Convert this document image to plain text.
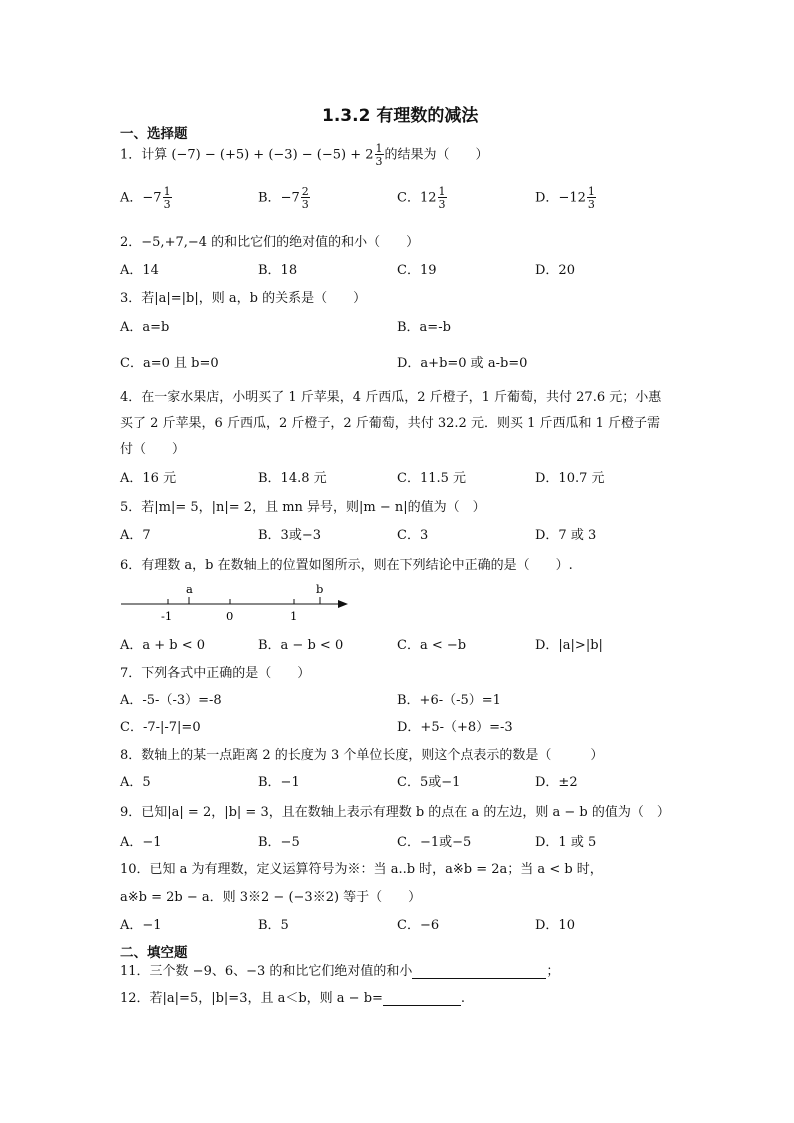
1.3.2 有理数的减法
一、选择题
1．计算 $(-7) - (+5) + (-3) - (-5) + 2 \frac{1}{3}$ 的结果为（　　）
A．$-7 \frac{1}{3}$	B．$-7 \frac{2}{3}$	C．$12 \frac{1}{3}$	D．$-12 \frac{1}{3}$
2．−5,+7,−4 的和比它们的绝对值的和小（　　）
A．14	B．18	C．19	D．20
3．若|a|=|b|，则 a，b 的关系是（　　）
A．a=b	B．a=-b
C．a=0 且 b=0	D．a+b=0 或 a-b=0
4．在一家水果店，小明买了 1 斤苹果，4 斤西瓜，2 斤橙子，1 斤葡萄，共付 27.6 元；小惠
买了 2 斤苹果，6 斤西瓜，2 斤橙子，2 斤葡萄，共付 32.2 元．则买 1 斤西瓜和 1 斤橙子需
付（　　）
A．16 元	B．14.8 元	C．11.5 元	D．10.7 元
5．若|m|= 5，|n|= 2，且 mn 异号，则|m − n|的值为（　）
A．7	B．3或−3	C．3	D．7 或 3
6．有理数 a，b 在数轴上的位置如图所示，则在下列结论中正确的是（　　）.
a	b
-1	0	1
A．a + b < 0	B．a − b < 0	C．a < −b	D．|a|>|b|
7．下列各式中正确的是（　　）
A．-5-（-3）=-8	B．+6-（-5）=1
C．-7-|-7|=0	D．+5-（+8）=-3
8．数轴上的某一点距离 2 的长度为 3 个单位长度，则这个点表示的数是（　　　）
A．5	B．−1	C．5或−1	D．±2
9．已知|a| = 2，|b| = 3，且在数轴上表示有理数 b 的点在 a 的左边，则 a − b 的值为（　）
A．−1	B．−5	C．−1或−5	D．1 或 5
10．已知 a 为有理数，定义运算符号为※：当 a..b 时，a※b = 2a；当 a < b 时，
a※b = 2b − a．则 3※2 − (−3※2) 等于（　　）
A．−1	B．5	C．−6	D．10
二、填空题
11．三个数 −9、6、−3 的和比它们绝对值的和小	；
12．若|a|=5，|b|=3，且 a＜b，则 a − b=	.
